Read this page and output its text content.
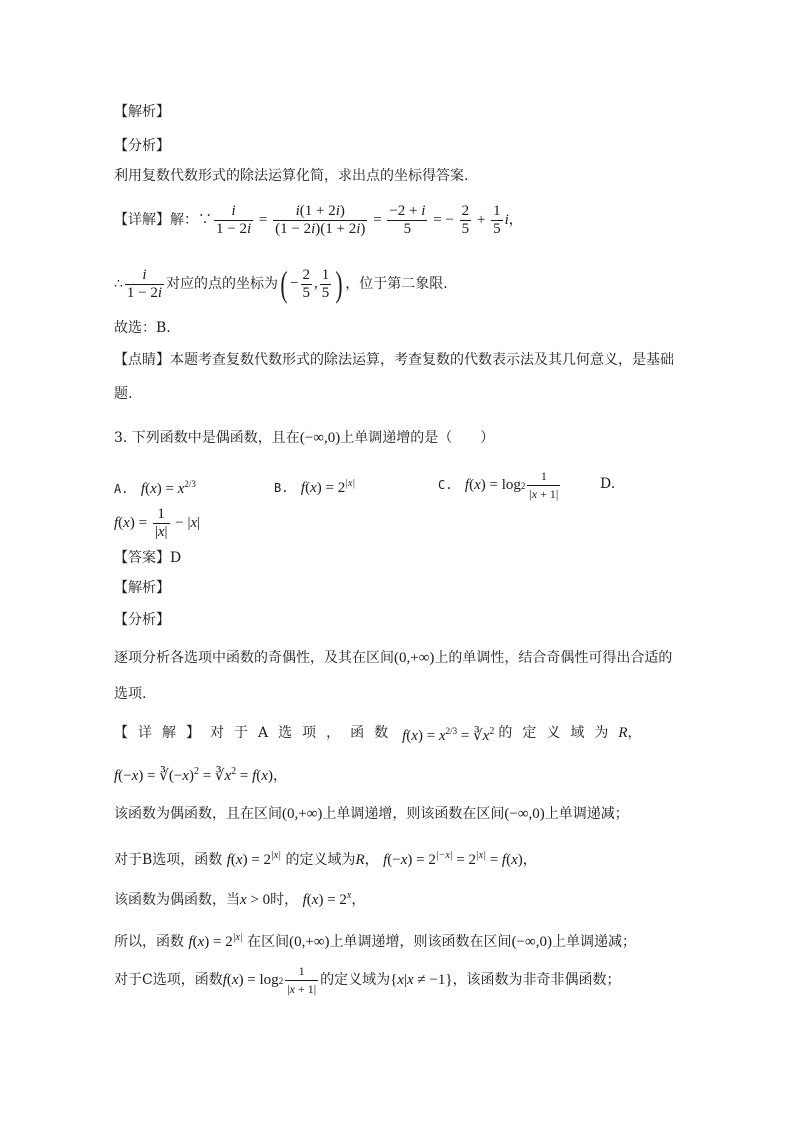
【解析】
【分析】
利用复数代数形式的除法运算化简，求出点的坐标得答案.
【详解】解：∵ $\frac{i}{1 - 2i} = \frac{i(1 + 2i)}{(1 - 2i)(1 + 2i)} = \frac{-2 + i}{5}$ = − $\frac{2}{5} + \frac{1}{5}$ i ，
∴ $\frac{i}{1 - 2i}$ 对应的点的坐标为 ( − $\frac{2}{5}$ , $\frac{1}{5}$ ) ，位于第二象限.
故选：B.
【点睛】本题考查复数代数形式的除法运算，考查复数的代数表示法及其几何意义，是基础
题.
3. 下列函数中是偶函数，且在(−∞,0)上单调递增的是（　　）
A. $f(x) = x^{2/3}$	B. $f(x) = 2^{|x|}$	C. $f(x) = \log 2 \frac{1}{|x + 1|}$	D.
$f(x) = \frac{1}{|x|} - |x|$
【答案】D
【解析】
【分析】
逐项分析各选项中函数的奇偶性，及其在区间(0,+∞)上的单调性，结合奇偶性可得出合适的
选项.
【详解】对于A选项，函数 $f(x) = x^{2/3}$ = $∛x^2$ 的定义域为 R ，
$f(-x) = ∛(-x)^2$ = $∛x^2 = f(x)$，
该函数为偶函数，且在区间(0,+∞)上单调递增，则该函数在区间(−∞,0)上单调递减；
对于B选项，函数 $f(x) = 2^{|x|}$ 的定义域为R， $f(-x) = 2^{|-x|} = 2^{|x|} = f(x)$，
该函数为偶函数，当x > 0时， $f(x) = 2^x$，
所以，函数 $f(x) = 2^{|x|}$ 在区间(0,+∞)上单调递增，则该函数在区间(−∞,0)上单调递减；
对于C选项，函数 $f(x) = \log 2 \frac{1}{|x + 1|}$ 的定义域为 {x|x ≠ −1} ，该函数为非奇非偶函数；
